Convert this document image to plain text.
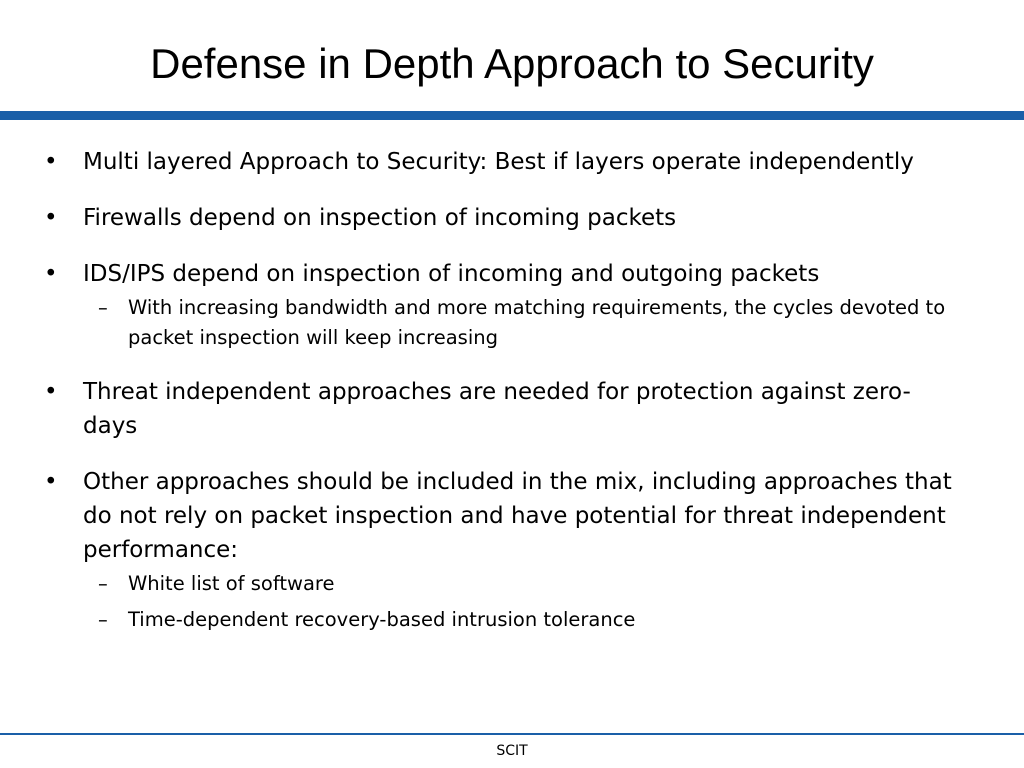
Defense in Depth Approach to Security
• Multi layered Approach to Security: Best if layers operate independently
• Firewalls depend on inspection of incoming packets
• IDS/IPS depend on inspection of incoming and outgoing packets
– With increasing bandwidth and more matching requirements, the cycles devoted to packet inspection will keep increasing
• Threat independent approaches are needed for protection against zero-days
• Other approaches should be included in the mix, including approaches that do not rely on packet inspection and have potential for threat independent performance:
– White list of software
– Time-dependent recovery-based intrusion tolerance
SCIT
